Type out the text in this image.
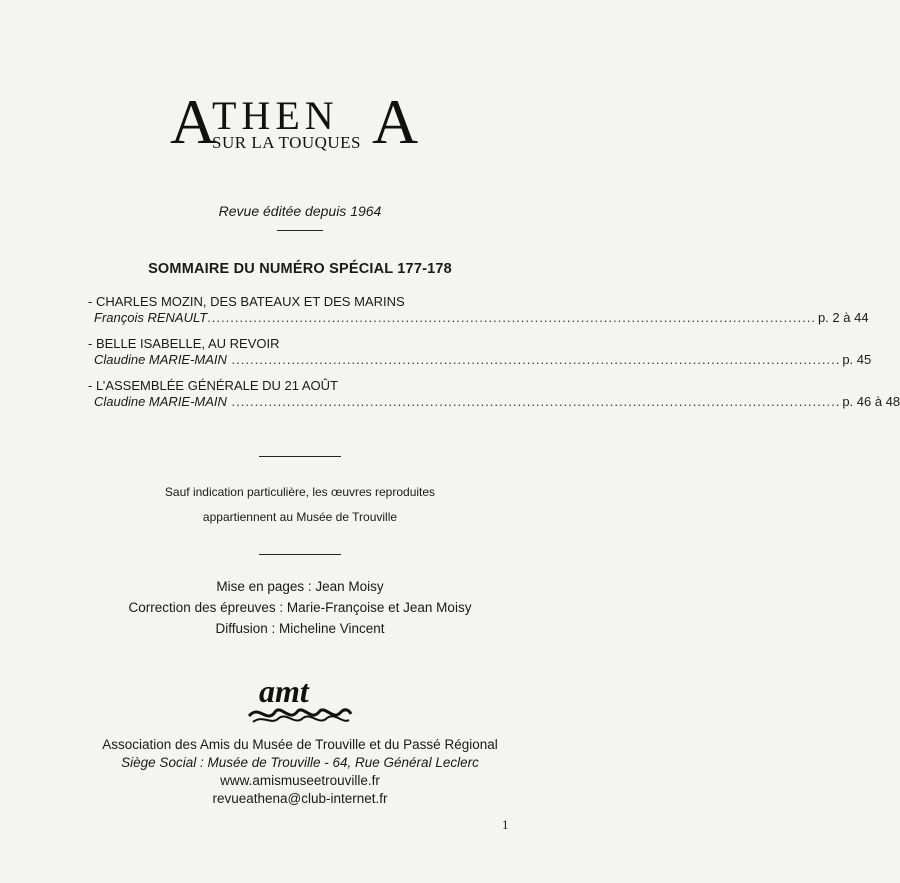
A
THEN A
SUR LA TOUQUES
Revue éditée depuis 1964
SOMMAIRE DU NUMÉRO SPÉCIAL 177-178
- CHARLES MOZIN, DES BATEAUX ET DES MARINS
François RENAULT .................................................................................................................................... p. 2 à 44
- BELLE ISABELLE, AU REVOIR
Claudine MARIE-MAIN .................................................................................................................................... p. 45
- L’ASSEMBLÉE GÉNÉRALE DU 21 AOÛT
Claudine MARIE-MAIN .................................................................................................................................... p. 46 à 48
Sauf indication particulière, les œuvres reproduites
appartiennent au Musée de Trouville
Mise en pages : Jean Moisy
Correction des épreuves : Marie-Françoise et Jean Moisy
Diffusion : Micheline Vincent
amt
Association des Amis du Musée de Trouville et du Passé Régional
Siège Social : Musée de Trouville - 64, Rue Général Leclerc
www.amismuseetrouville.fr
revueathena@club-internet.fr
1
